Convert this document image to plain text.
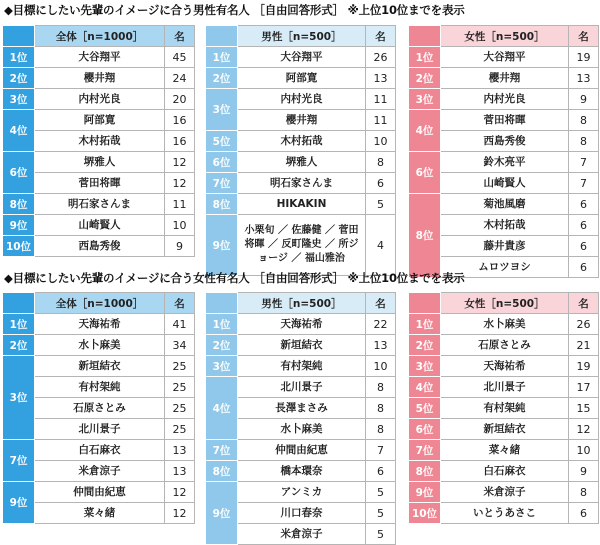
◆目標にしたい先輩のイメージに合う男性有名人 ［自由回答形式］ ※上位10位までを表示
	全体［n=1000］	名
1位	大谷翔平	45
2位	櫻井翔	24
3位	内村光良	20
4位	阿部寛	16
	木村拓哉	16
6位	堺雅人	12
	菅田将暉	12
8位	明石家さんま	11
9位	山崎賢人	10
10位	西島秀俊	9
	男性［n=500］	名
1位	大谷翔平	26
2位	阿部寛	13
3位	内村光良	11
	櫻井翔	11
5位	木村拓哉	10
6位	堺雅人	8
7位	明石家さんま	6
8位	HIKAKIN	5
9位	小栗旬 ／ 佐藤健 ／ 菅田将暉 ／ 反町隆史 ／ 所ジョージ ／ 福山雅治	4
	女性［n=500］	名
1位	大谷翔平	19
2位	櫻井翔	13
3位	内村光良	9
4位	菅田将暉	8
	西島秀俊	8
6位	鈴木亮平	7
	山崎賢人	7
8位	菊池風磨	6
	木村拓哉	6
	藤井貴彦	6
	ムロツヨシ	6
◆目標にしたい先輩のイメージに合う女性有名人 ［自由回答形式］ ※上位10位までを表示
	全体［n=1000］	名
1位	天海祐希	41
2位	水卜麻美	34
3位	新垣結衣	25
	有村架純	25
	石原さとみ	25
	北川景子	25
7位	白石麻衣	13
	米倉涼子	13
9位	仲間由紀恵	12
	菜々緒	12
	男性［n=500］	名
1位	天海祐希	22
2位	新垣結衣	13
3位	有村架純	10
4位	北川景子	8
	長澤まさみ	8
	水卜麻美	8
7位	仲間由紀恵	7
8位	橋本環奈	6
9位	アンミカ	5
	川口春奈	5
	米倉涼子	5
	女性［n=500］	名
1位	水卜麻美	26
2位	石原さとみ	21
3位	天海祐希	19
4位	北川景子	17
5位	有村架純	15
6位	新垣結衣	12
7位	菜々緒	10
8位	白石麻衣	9
9位	米倉涼子	8
10位	いとうあさこ	6
